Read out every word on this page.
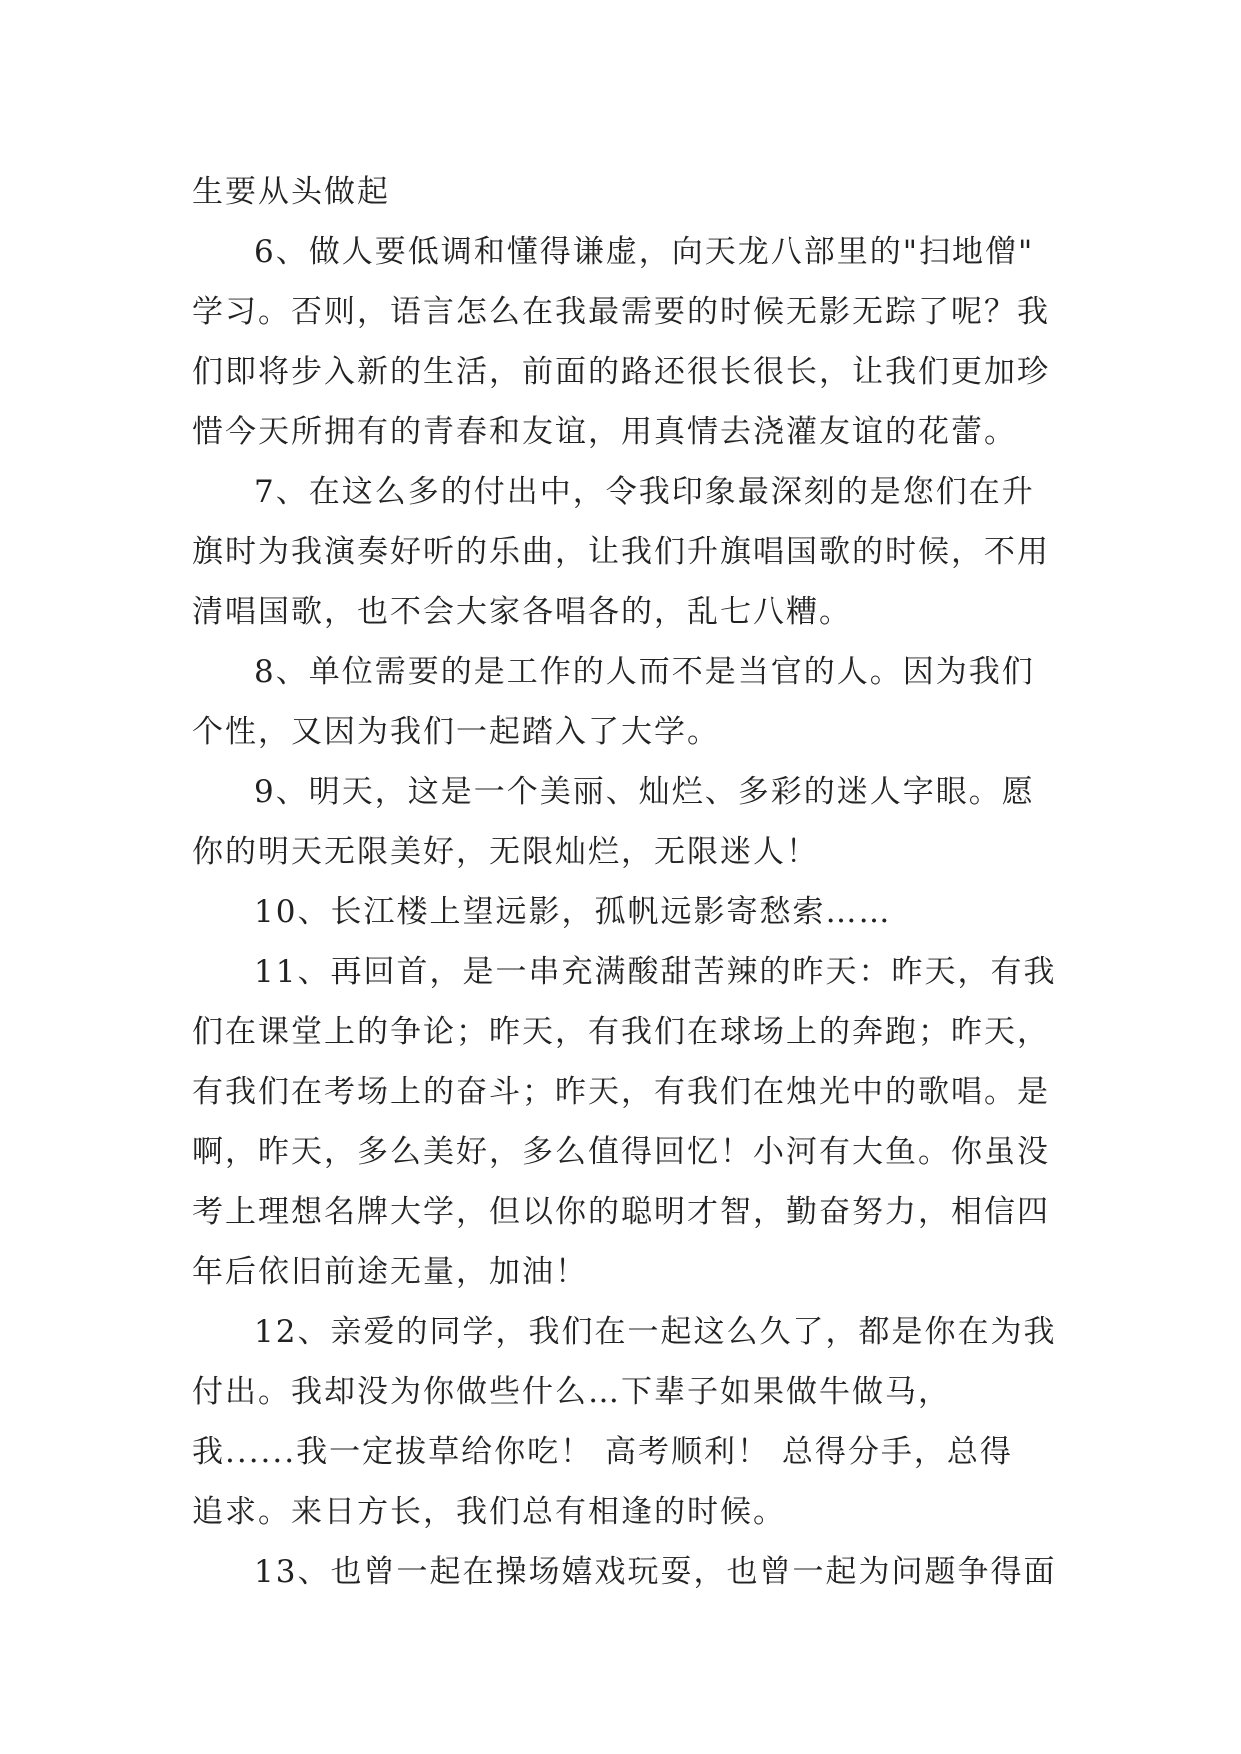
生要从头做起
6、做人要低调和懂得谦虚，向天龙八部里的"扫地僧"
学习。否则，语言怎么在我最需要的时候无影无踪了呢？我
们即将步入新的生活，前面的路还很长很长，让我们更加珍
惜今天所拥有的青春和友谊，用真情去浇灌友谊的花蕾。
7、在这么多的付出中，令我印象最深刻的是您们在升
旗时为我演奏好听的乐曲，让我们升旗唱国歌的时候，不用
清唱国歌，也不会大家各唱各的，乱七八糟。
8、单位需要的是工作的人而不是当官的人。因为我们
个性，又因为我们一起踏入了大学。
9、明天，这是一个美丽、灿烂、多彩的迷人字眼。愿
你的明天无限美好，无限灿烂，无限迷人！
10、长江楼上望远影，孤帆远影寄愁索……
11、再回首，是一串充满酸甜苦辣的昨天：昨天，有我
们在课堂上的争论；昨天，有我们在球场上的奔跑；昨天，
有我们在考场上的奋斗；昨天，有我们在烛光中的歌唱。是
啊，昨天，多么美好，多么值得回忆！小河有大鱼。你虽没
考上理想名牌大学，但以你的聪明才智，勤奋努力，相信四
年后依旧前途无量，加油！
12、亲爱的同学，我们在一起这么久了，都是你在为我
付出。我却没为你做些什么…下辈子如果做牛做马，
我......我一定拔草给你吃！ 高考顺利！ 总得分手，总得
追求。来日方长，我们总有相逢的时候。
13、也曾一起在操场嬉戏玩耍，也曾一起为问题争得面
